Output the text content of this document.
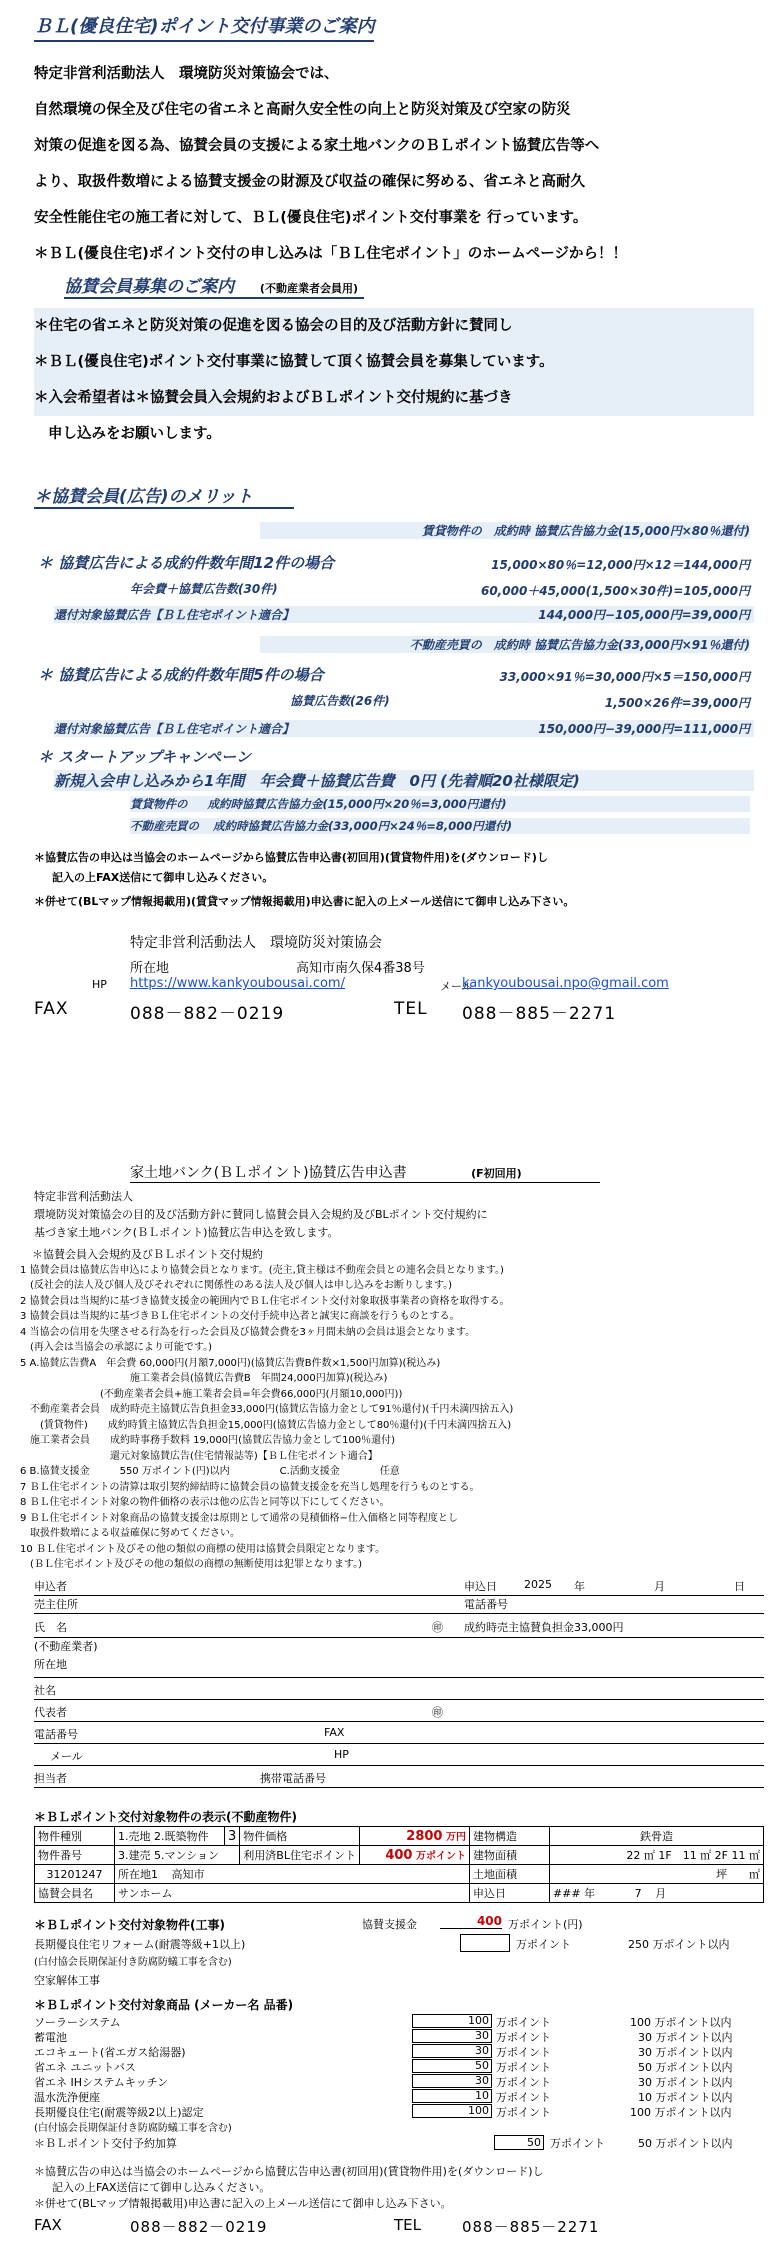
ＢＬ(優良住宅)ポイント交付事業のご案内

特定非営利活動法人　環境防災対策協会では、

自然環境の保全及び住宅の省エネと高耐久安全性の向上と防災対策及び空家の防災

対策の促進を図る為、協賛会員の支援による家土地バンクのＢＬポイント協賛広告等へ

より、取扱件数増による協賛支援金の財源及び収益の確保に努める、省エネと高耐久

安全性能住宅の施工者に対して、ＢＬ(優良住宅)ポイント交付事業を 行っています。

＊ＢＬ(優良住宅)ポイント交付の申し込みは「ＢＬ住宅ポイント」のホームページから！！

協賛会員募集のご案内 (不動産業者会員用)

＊住宅の省エネと防災対策の促進を図る協会の目的及び活動方針に賛同し

＊ＢＬ(優良住宅)ポイント交付事業に協賛して頂く協賛会員を募集しています。

＊入会希望者は＊協賛会員入会規約およびＢＬポイント交付規約に基づき

申し込みをお願いします。

＊協賛会員(広告)のメリット
賃貸物件の　成約時 協賛広告協力金(15,000円×80％還付)
＊ 協賛広告による成約件数年間12件の場合	15,000×80％=12,000円×12＝144,000円
年会費＋協賛広告数(30件)	60,000＋45,000(1,500×30件)=105,000円
還付対象協賛広告【ＢＬ住宅ポイント適合】	144,000円−105,000円=39,000円
不動産売買の　成約時 協賛広告協力金(33,000円×91％還付)
＊ 協賛広告による成約件数年間5件の場合	33,000×91％=30,000円×5＝150,000円
協賛広告数(26件)	1,500×26件=39,000円
還付対象協賛広告【ＢＬ住宅ポイント適合】	150,000円−39,000円=111,000円
＊ スタートアップキャンペーン
新規入会申し込みから1年間　年会費＋協賛広告費　0円 (先着順20社様限定)
賃貸物件の 成約時協賛広告協力金(15,000円×20％=3,000円還付)
不動産売買の 成約時協賛広告協力金(33,000円×24％=8,000円還付)

＊協賛広告の申込は当協会のホームページから協賛広告申込書(初回用)(賃貸物件用)を(ダウンロード)し

記入の上FAX送信にて御申し込みください。

＊併せて(BLマップ情報掲載用)(賃貸マップ情報掲載用)申込書に記入の上メール送信にて御申し込み下さい。

特定非営利活動法人　環境防災対策協会
所在地	高知市南久保4番38号
HP https://www.kankyoubousai.com/	メール
kankyoubousai.npo@gmail.com
FAX	088－882－0219	TEL 088－885－2271
家土地バンク(ＢＬポイント)協賛広告申込書	(F初回用)

特定非営利活動法人

環境防災対策協会の目的及び活動方針に賛同し協賛会員入会規約及びBLポイント交付規約に

基づき家土地バンク(ＢＬポイント)協賛広告申込を致します。

＊協賛会員入会規約及びＢＬポイント交付規約

1 協賛会員は協賛広告申込により協賛会員となります。(売主,貸主様は不動産会員との連名会員となります。)

　(反社会的法人及び個人及びそれぞれに関係性のある法人及び個人は申し込みをお断りします。)

2 協賛会員は当規約に基づき協賛支援金の範囲内でＢＬ住宅ポイント交付対象取扱事業者の資格を取得する。

3 協賛会員は当規約に基づきＢＬ住宅ポイントの交付手続申込者と誠実に商談を行うものとする。

4 当協会の信用を失墜させる行為を行った会員及び協賛会費を3ヶ月間未納の会員は退会となります。

　(再入会は当協会の承認により可能です。)

5 A.協賛広告費A　年会費 60,000円(月額7,000円)(協賛広告費B件数×1,500円加算)(税込み)

　　　　　　　　　　　施工業者会員(協賛広告費B　年間24,000円加算)(税込み)

　　　　　　　　(不動産業者会員+施工業者会員=年会費66,000円(月額10,000円))

　不動産業者会員　成約時売主協賛広告負担金33,000円(協賛広告協力金として91％還付)(千円未満四捨五入)

　　(賃貸物件)　　成約時賃主協賛広告負担金15,000円(協賛広告協力金として80％還付)(千円未満四捨五入)

　施工業者会員　　成約時事務手数料 19,000円(協賛広告協力金として100％還付)

　　　　　　　　　還元対象協賛広告(住宅情報誌等)【ＢＬ住宅ポイント適合】

6 B.協賛支援金　　　550 万ポイント(円)以内　　　　　C.活動支援金　　　　任意

7 ＢＬ住宅ポイントの清算は取引契約締結時に協賛会員の協賛支援金を充当し処理を行うものとする。

8 ＢＬ住宅ポイント対象の物件価格の表示は他の広告と同等以下にしてください。

9 ＢＬ住宅ポイント対象商品の協賛支援金は原則として通常の見積価格−仕入価格と同等程度とし

　取扱件数増による収益確保に努めてください。

10 ＢＬ住宅ポイント及びその他の類似の商標の使用は協賛会員限定となります。

　(ＢＬ住宅ポイント及びその他の類似の商標の無断使用は犯罪となります。)

申込者	申込日 2025 年	月	日
売主住所	電話番号
氏　名	㊞ 成約時売主協賛負担金33,000円
(不動産業者)
所在地
社名
代表者	㊞
電話番号	FAX
メール	HP
担当者	携帯電話番号
＊ＢＬポイント交付対象物件の表示(不動産物件)
物件種別	1.売地 2.既築物件	3	物件価格	2800 万円	建物構造	鉄骨造
物件番号	3.建売 5.マンション		利用済BL住宅ポイント	400 万ポイント	建物面積	22 ㎡ 1F　11 ㎡ 2F 11 ㎡
31201247	所在地1 高知市				土地面積	坪　　㎡
協賛会員名	サンホーム				申込日	### 年 7 月
＊ＢＬポイント交付対象物件(工事)	協賛支援金	400 万ポイント(円)
長期優良住宅リフォーム(耐震等級+1以上)	万ポイント	250 万ポイント以内
(白付協会長期保証付き防腐防蟻工事を含む)
空家解体工事
＊ＢＬポイント交付対象商品 (メーカー名 品番)
ソーラーシステム	100 万ポイント	100 万ポイント以内
蓄電池	30 万ポイント	30 万ポイント以内
エコキュート(省エガス給湯器)	30 万ポイント	30 万ポイント以内
省エネ ユニットバス	50 万ポイント	50 万ポイント以内
省エネ IHシステムキッチン	30 万ポイント	30 万ポイント以内
温水洗浄便座	10 万ポイント	10 万ポイント以内
長期優良住宅(耐震等級2以上)認定	100 万ポイント	100 万ポイント以内
(白付協会長期保証付き防腐防蟻工事を含む)
＊ＢＬポイント交付予約加算	50 万ポイント	50 万ポイント以内

＊協賛広告の申込は当協会のホームページから協賛広告申込書(初回用)(賃貸物件用)を(ダウンロード)し

記入の上FAX送信にて御申し込みください。

＊併せて(BLマップ情報掲載用)申込書に記入の上メール送信にて御申し込み下さい。

FAX	088－882－0219	TEL	088－885－2271
